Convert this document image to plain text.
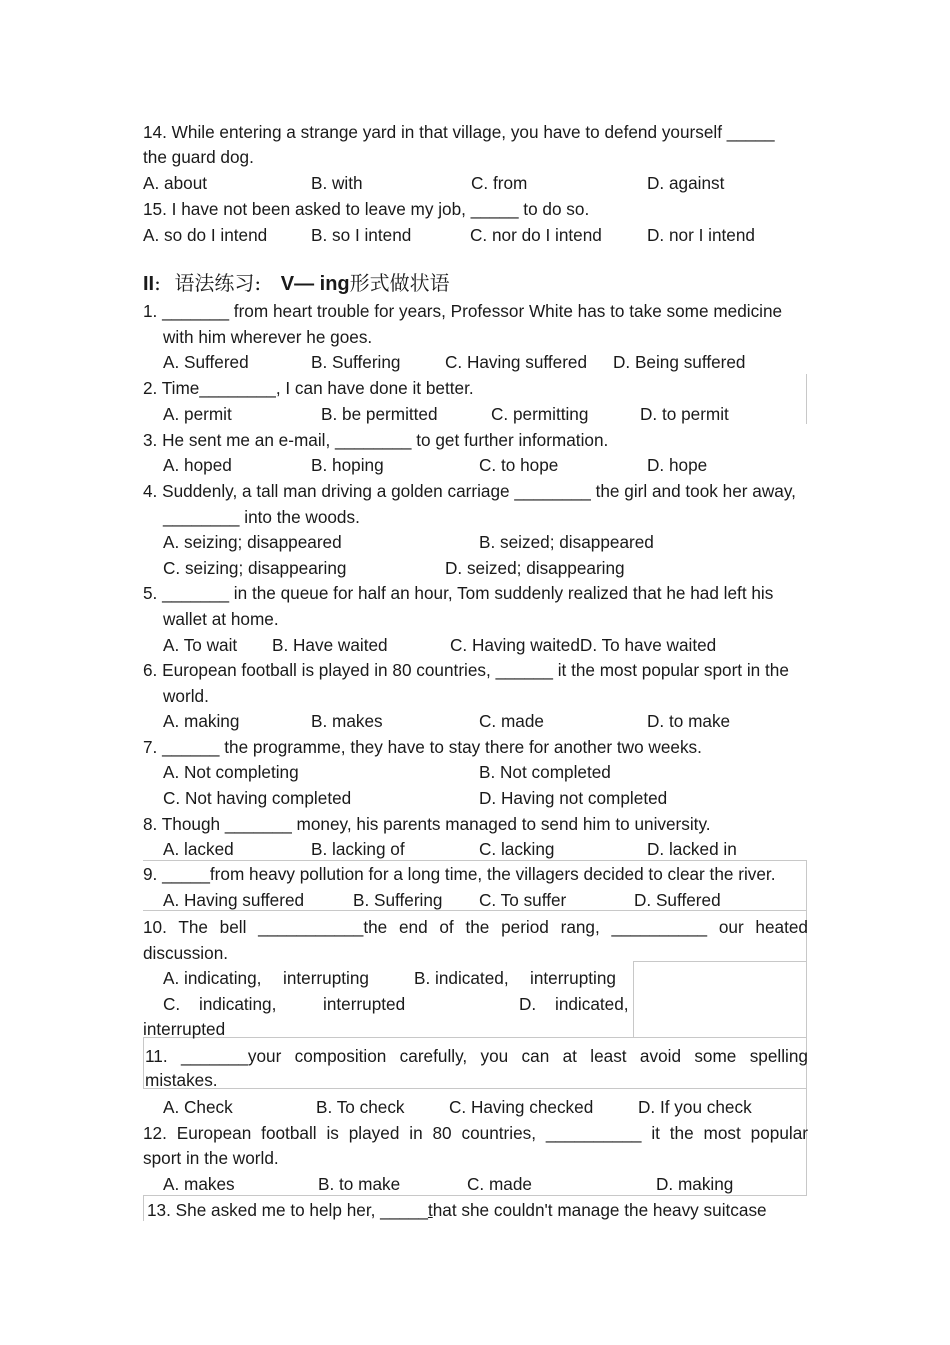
14. While entering a strange yard in that village, you have to defend yourself _____
the guard dog.
A. about	B. with	C. from	D. against
15. I have not been asked to leave my job, _____ to do so.
A. so do I intend	B. so I intend	C. nor do I intend	D. nor I intend
II: 语法练习: V— ing形式做状语
1. _______ from heart trouble for years, Professor White has to take some medicine
with him wherever he goes.
A. Suffered	B. Suffering	C. Having suffered D. Being suffered
2. Time________, I can have done it better.
A. permit	B. be permitted	C. permitting	D. to permit
3. He sent me an e-mail, ________ to get further information.
A. hoped	B. hoping	C. to hope	D. hope
4. Suddenly, a tall man driving a golden carriage ________ the girl and took her away,
________ into the woods.
A. seizing; disappeared	B. seized; disappeared
C. seizing; disappearing	D. seized; disappearing
5. _______ in the queue for half an hour, Tom suddenly realized that he had left his
wallet at home.
A. To wait B. Have waited	C. Having waitedD. To have waited
6. European football is played in 80 countries, ______ it the most popular sport in the
world.
A. making	B. makes	C. made	D. to make
7. ______ the programme, they have to stay there for another two weeks.
A. Not completing	B. Not completed
C. Not having completed	D. Having not completed
8. Though _______ money, his parents managed to send him to university.
A. lacked	B. lacking of	C. lacking	D. lacked in
9. _____from heavy pollution for a long time, the villagers decided to clear the river.
A. Having suffered	B. Suffering C. To suffer	D. Suffered
10. The bell ___________the end of the period rang, __________ our heated
discussion.
A. indicating, interrupting	B. indicated, interrupting
C. indicating,	interrupted	D. indicated,
interrupted
11. _______your composition carefully, you can at least avoid some spelling
mistakes.
A. Check	B. To check	C. Having checked	D. If you check
12. European football is played in 80 countries, __________ it the most popular
sport in the world.
A. makes	B. to make	C. made	D. making
13. She asked me to help her, _____that she couldn't manage the heavy suitcase
